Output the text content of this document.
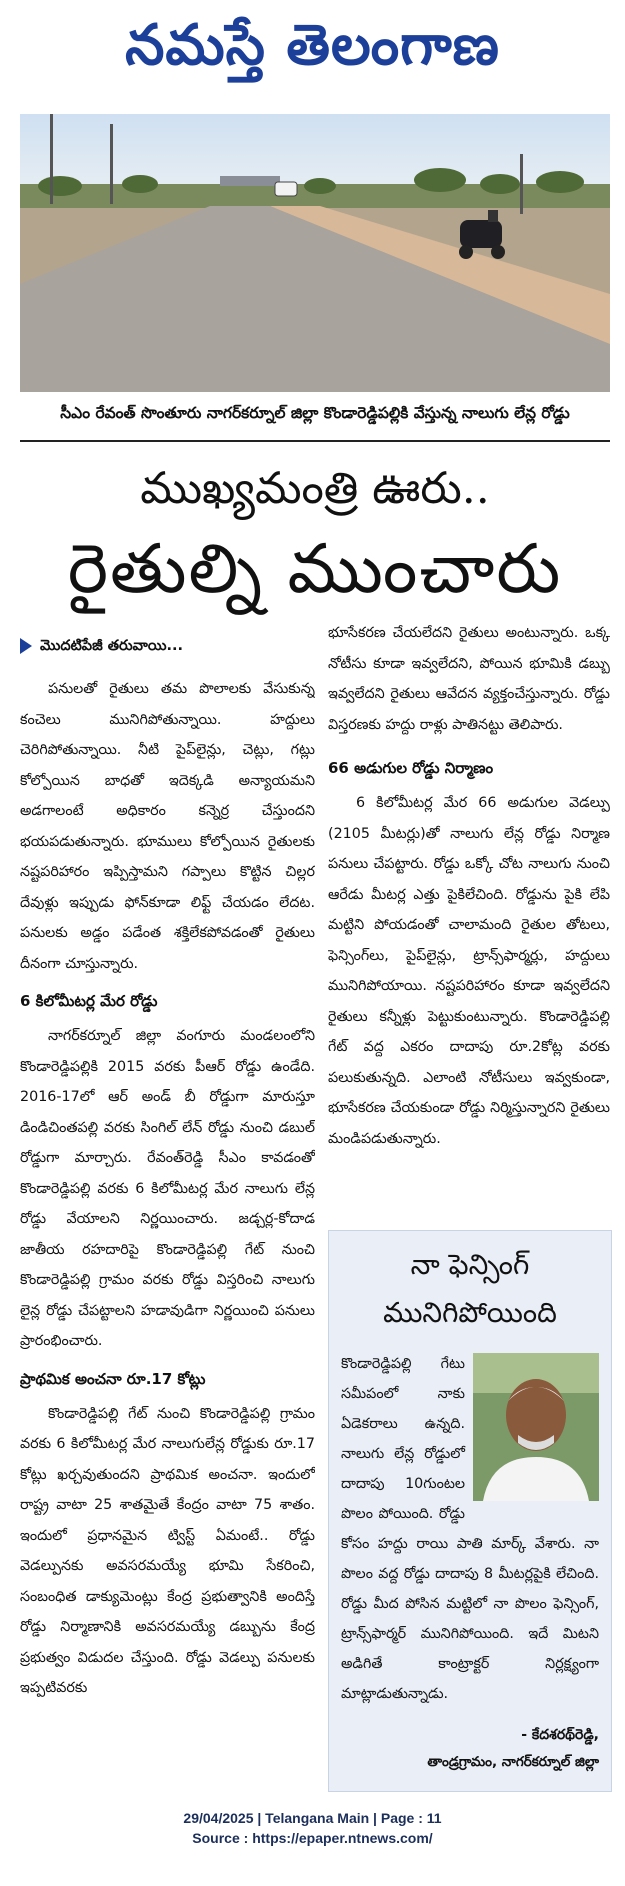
నమస్తే తెలంగాణ
సీఎం రేవంత్ సొంతూరు నాగర్‌కర్నూల్ జిల్లా కొండారెడ్డిపల్లికి వేస్తున్న నాలుగు లేన్ల రోడ్డు
ముఖ్యమంత్రి ఊరు..
రైతుల్ని ముంచారు
మొదటిపేజీ తరువాయి...

పనులతో రైతులు తమ పొలాలకు వేసుకున్న కంచెలు మునిగిపోతున్నాయి. హద్దులు చెరిగిపోతున్నాయి. నీటి పైప్‌లైన్లు, చెట్లు, గట్లు కోల్పోయిన బాధతో ఇదెక్కడి అన్యాయమని అడగాలంటే అధికారం కన్నెర్ర చేస్తుందని భయపడుతున్నారు. భూములు కోల్పోయిన రైతులకు నష్టపరిహారం ఇప్పిస్తామని గప్పాలు కొట్టిన చిల్లర దేవుళ్లు ఇప్పుడు ఫోన్‌కూడా లిఫ్ట్ చేయడం లేదట. పనులకు అడ్డం పడేంత శక్తిలేకపోవడంతో రైతులు దీనంగా చూస్తున్నారు.

6 కిలోమీటర్ల మేర రోడ్డు

నాగర్‌కర్నూల్ జిల్లా వంగూరు మండలంలోని కొండారెడ్డిపల్లికి 2015 వరకు పీఆర్ రోడ్డు ఉండేది. 2016-17లో ఆర్ అండ్ బీ రోడ్డుగా మారుస్తూ డిండిచింతపల్లి వరకు సింగిల్ లేన్ రోడ్డు నుంచి డబుల్ రోడ్డుగా మార్చారు. రేవంత్‌రెడ్డి సీఎం కావడంతో కొండారెడ్డిపల్లి వరకు 6 కిలోమీటర్ల మేర నాలుగు లేన్ల రోడ్డు వేయాలని నిర్ణయించారు. జడ్చర్ల-కోదాడ జాతీయ రహదారిపై కొండారెడ్డిపల్లి గేట్ నుంచి కొండారెడ్డిపల్లి గ్రామం వరకు రోడ్డు విస్తరించి నాలుగు లైన్ల రోడ్డు చేపట్టాలని హడావుడిగా నిర్ణయించి పనులు ప్రారంభించారు.

ప్రాథమిక అంచనా రూ.17 కోట్లు

కొండారెడ్డిపల్లి గేట్ నుంచి కొండారెడ్డిపల్లి గ్రామం వరకు 6 కిలోమీటర్ల మేర నాలుగులేన్ల రోడ్డుకు రూ.17 కోట్లు ఖర్చవుతుందని ప్రాథమిక అంచనా. ఇందులో రాష్ట్ర వాటా 25 శాతమైతే కేంద్రం వాటా 75 శాతం. ఇందులో ప్రధానమైన ట్విస్ట్ ఏమంటే.. రోడ్డు వెడల్పునకు అవసరమయ్యే భూమి సేకరించి, సంబంధిత డాక్యుమెంట్లు కేంద్ర ప్రభుత్వానికి అందిస్తే రోడ్డు నిర్మాణానికి అవసరమయ్యే డబ్బును కేంద్ర ప్రభుత్వం విడుదల చేస్తుంది. రోడ్డు వెడల్పు పనులకు ఇప్పటివరకు

భూసేకరణ చేయలేదని రైతులు అంటున్నారు. ఒక్క నోటీసు కూడా ఇవ్వలేదని, పోయిన భూమికి డబ్బు ఇవ్వలేదని రైతులు ఆవేదన వ్యక్తంచేస్తున్నారు. రోడ్డు విస్తరణకు హద్దు రాళ్లు పాతినట్టు తెలిపారు.

66 అడుగుల రోడ్డు నిర్మాణం

6 కిలోమీటర్ల మేర 66 అడుగుల వెడల్పు (2105 మీటర్లు)తో నాలుగు లేన్ల రోడ్డు నిర్మాణ పనులు చేపట్టారు. రోడ్డు ఒక్కో చోట నాలుగు నుంచి ఆరేడు మీటర్ల ఎత్తు పైకిలేచింది. రోడ్డును పైకి లేపి మట్టిని పోయడంతో చాలామంది రైతుల తోటలు, ఫెన్సింగ్‌లు, పైప్‌లైన్లు, ట్రాన్స్‌ఫార్మర్లు, హద్దులు మునిగిపోయాయి. నష్టపరిహారం కూడా ఇవ్వలేదని రైతులు కన్నీళ్లు పెట్టుకుంటున్నారు. కొండారెడ్డిపల్లి గేట్ వద్ద ఎకరం దాదాపు రూ.2కోట్ల వరకు పలుకుతున్నది. ఎలాంటి నోటీసులు ఇవ్వకుండా, భూసేకరణ చేయకుండా రోడ్డు నిర్మిస్తున్నారని రైతులు మండిపడుతున్నారు.

నా ఫెన్సింగ్
మునిగిపోయింది

కొండారెడ్డిపల్లి గేటు సమీపంలో నాకు ఏడెకరాలు ఉన్నది. నాలుగు లేన్ల రోడ్డులో దాదాపు 10గుంటల పొలం పోయింది. రోడ్డు కోసం హద్దు రాయి పాతి మార్క్ వేశారు. నా పొలం వద్ద రోడ్డు దాదాపు 8 మీటర్లపైకి లేచింది. రోడ్డు మీద పోసిన మట్టిలో నా పొలం ఫెన్సింగ్, ట్రాన్స్‌ఫార్మర్ మునిగిపోయింది. ఇదే మిటని అడిగితే కాంట్రాక్టర్ నిర్లక్ష్యంగా మాట్లాడుతున్నాడు.

- కేదశరథ్‌రెడ్డి,
తాండ్రగ్రామం, నాగర్‌కర్నూల్ జిల్లా
29/04/2025 | Telangana Main | Page : 11
Source : https://epaper.ntnews.com/
